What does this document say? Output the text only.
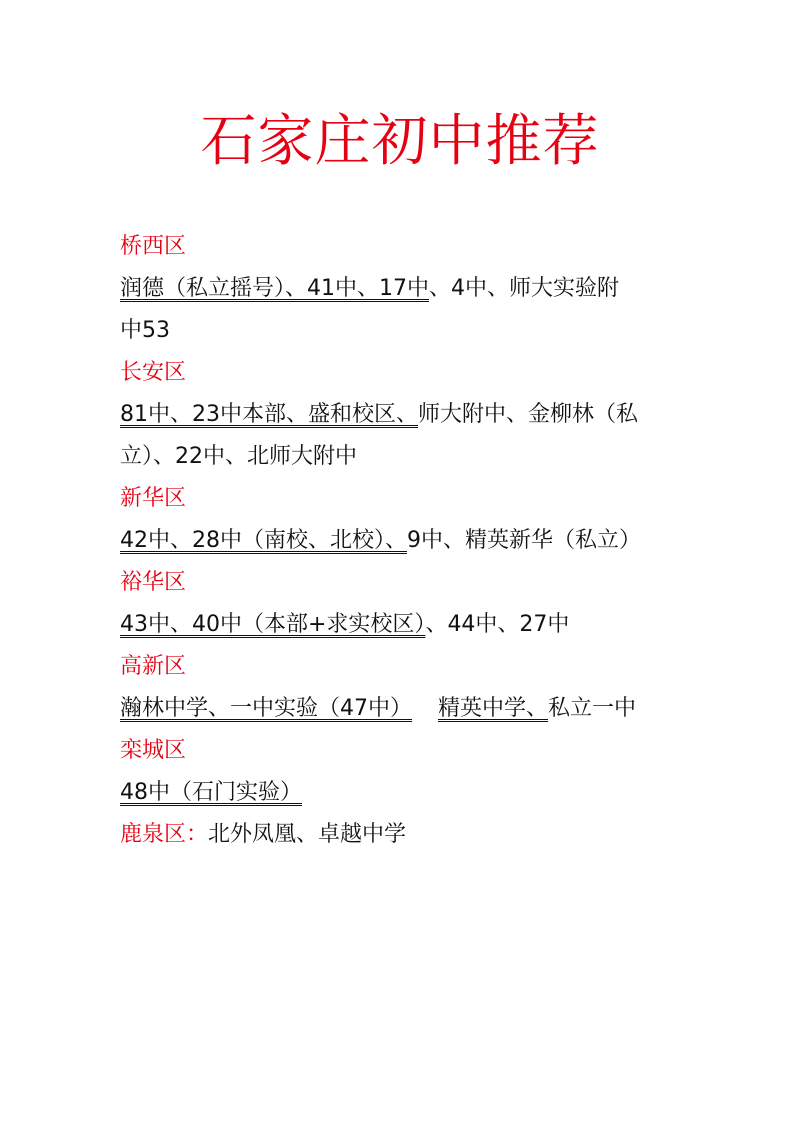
石家庄初中推荐

桥西区

润德（私立摇号）、41中、17中、4中、师大实验附

中53

长安区

81中、23中本部、盛和校区、师大附中、金柳林（私

立）、22中、北师大附中

新华区

42中、28中（南校、北校）、9中、精英新华（私立）

裕华区

43中、40中（本部+求实校区）、44中、27中

高新区

瀚林中学、一中实验（47中） 精英中学、私立一中

栾城区

48中（石门实验）

鹿泉区：北外凤凰、卓越中学
